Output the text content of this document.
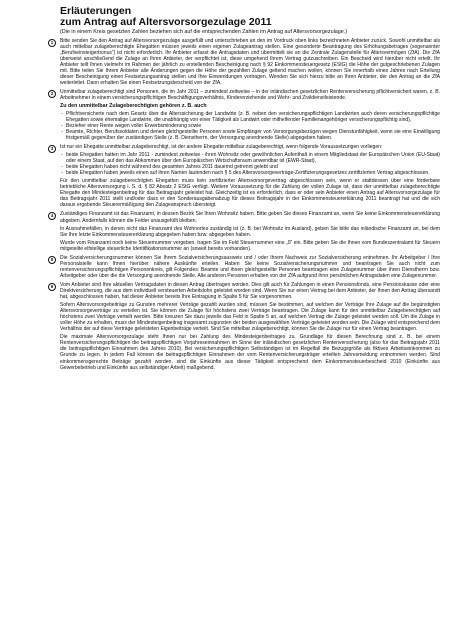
Erläuterungen
zum Antrag auf Altersvorsorgezulage 2011
(Die in einem Kreis gesetzten Zahlen beziehen sich auf die entsprechenden Zahlen im Antrag auf Altersvorsorgezulage.)
1	Bitte senden Sie den Antrag auf Altersvorsorgezulage ausgefüllt und unterschrieben an den im Vordruck oben links bezeichneten Anbieter zurück. Sowohl unmittelbar als auch mittelbar zulageberechtigte Ehegatten müssen jeweils einen eigenen Zulageantrag stellen. Eine gesonderte Beantragung des Erhöhungsbetrages (sogenannter „Berufseinsteigerbonus“) ist nicht erforderlich. Ihr Anbieter erfasst die Antragsdaten und übermittelt sie an die Zentrale Zulagenstelle für Altersvermögen (ZfA). Die ZfA überweist anschließend die Zulage an Ihren Anbieter, der verpflichtet ist, diese umgehend Ihrem Vertrag gutzuschreiben. Ein Bescheid wird hierüber nicht erteilt. Ihr Anbieter teilt Ihnen vielmehr im Rahmen der jährlich zu erstellenden Bescheinigung nach § 92 Einkommensteuergesetz (EStG) die Höhe der gutgeschriebenen Zulagen mit. Bitte teilen Sie Ihrem Anbieter alle Änderungen gegen die Höhe der gezahlten Zulage geltend machen wollen, können Sie innerhalb eines Jahres nach Erteilung dieser Bescheinigung einen Festsetzungsantrag stellen und Ihre Einwendungen vortragen. Wenden Sie sich hierzu bitte an Ihren Anbieter, der den Antrag an die ZfA weiterleitet. Dann erhalten Sie einen Festsetzungsbescheid von der ZfA.

2	Unmittelbar zulageberechtigt sind Personen, die im Jahr 2011 – zumindest zeitweise – in der inländischen gesetzlichen Rentenversicherung pflichtversichert waren, z. B. Arbeitnehmer in einem versicherungspflichtigen Beschäftigungsverhältnis, Kindererziehende und Wehr- und Zivildienstleistende.

Zu den unmittelbar Zulageberechtigten gehören z. B. auch
- Pflichtversicherte nach dem Gesetz über die Alterssicherung der Landwirte (z. B. neben den versicherungspflichtigen Landwirten auch deren versicherungspflichtige Ehegatten sowie ehemalige Landwirte, die unabhängig von einer Tätigkeit als Landwirt oder mithelfender Familienangehöriger versicherungspflichtig sind),
- Bezieher einer Rente wegen voller Erwerbsminderung sowie
- Beamte, Richter, Berufssoldaten und denen gleichgestellte Personen sowie Empfänger von Versorgungsbezügen wegen Dienstunfähigkeit, wenn sie eine Einwilligung fristgemäß gegenüber der zuständigen Stelle (z. B. Dienstherrn, der Versorgung anordnende Stelle) abgegeben haben.
3	Ist nur ein Ehegatte unmittelbar zulageberechtigt, ist der andere Ehegatte mittelbar zulageberechtigt, wenn folgende Voraussetzungen vorliegen:

- beide Ehegatten hatten im Jahr 2011 - zumindest zeitweise - ihren Wohnsitz oder gewöhnlichen Aufenthalt in einem Mitgliedstaat der Europäischen Union (EU-Staat) oder einem Staat, auf den das Abkommen über den Europäischen Wirtschaftsraum anwendbar ist (EWR-Staat),
- beide Ehegatten haben nicht während des gesamten Jahres 2011 dauernd getrennt gelebt und
- beide Ehegatten haben jeweils einen auf ihren Namen lautenden nach § 5 des Altersvorsorgeverträge-Zertifizierungsgesetzes zertifizierten Vertrag abgeschlossen.

Für den unmittelbar zulageberechtigten Ehegatten muss kein zertifizierter Altersvorsorgevertrag abgeschlossen sein, wenn er stattdessen über eine förderbare betriebliche Altersversorgung i. S. d. § 82 Absatz 2 EStG verfügt. Weitere Voraussetzung für die Zahlung der vollen Zulage ist, dass der unmittelbar zulageberechtigte Ehegatte den Mindesteigenbeitrag für das Beitragsjahr geleistet hat. Gleichzeitig ist es erforderlich, dass er oder sein Anbieter einen Antrag auf Altersvorsorgezulage für das Beitragsjahr 2011 stellt und/oder dass er den Sonderausgabenabzug für dieses Beitragsjahr in der Einkommensteuererklärung 2011 beantragt hat und die sich daraus ergebende Steuerermäßigung den Zulageanspruch übersteigt.

4	Zuständiges Finanzamt ist das Finanzamt, in dessen Bezirk Sie Ihren Wohnsitz haben. Bitte geben Sie dieses Finanzamt an, wenn Sie keine Einkommensteuererklärung abgeben. Andernfalls können die Felder unausgefüllt bleiben.

In Ausnahmefällen, in denen nicht das Finanzamt des Wohnortes zuständig ist (z. B. bei Wohnsitz im Ausland), geben Sie bitte das inländische Finanzamt an, bei dem Sie Ihre letzte Einkommensteuererklärung abgegeben haben bzw. abgegeben haben.

Wurde vom Finanzamt noch keine Steuernummer vergeben, tragen Sie im Feld Steuernummer eine „0“ ein. Bitte geben Sie die Ihnen vom Bundeszentralamt für Steuern mitgeteilte elfstellige steuerliche Identifikationsnummer an (soweit bereits vorhanden).

5	Die Sozialversicherungsnummer können Sie Ihrem Sozialversicherungsausweis und / oder Ihrem Nachweis zur Sozialversicherung entnehmen. Ihr Arbeitgeber / Ihre Personalstelle kann Ihnen hierüber nähere Auskünfte erteilen. Haben Sie keine Sozialversicherungsnummer und beantragen Sie auch nicht zum rentenversicherungspflichtigen Personenkreis, gilt Folgendes: Beamte und ihnen gleichgestellte Personen beantragen eine Zulagenummer über ihren Dienstherrn bzw. Arbeitgeber oder über die die Versorgung anordnende Stelle. Alle anderen Personen erhalten von der ZfA aufgrund ihrer persönlichen Antragsdaten eine Zulagenummer.

6	Vom Anbieter sind Ihre aktuellen Vertragsdaten in diesen Antrag übertragen worden. Dies gilt auch für Zahlungen in einen Pensionsfonds, eine Pensionskasse oder eine Direktversicherung, die aus dem individuell versteuerten Arbeitslohn geleistet worden sind. Wenn Sie nur einen Vertrag bei dem Anbieter, der Ihnen den Antrag übersandt hat, abgeschlossen haben, hat dieser Anbieter bereits Ihre Eintragung in Spalte 5 für Sie vorgenommen.

Sofern Altersvorsorgebeiträge zu Gunsten mehrerer Verträge gezahlt wurden sind, müssen Sie bestimmen, auf welchen der Verträge Ihre Zulage auf die begünstigten Altersvorsorgeverträge zu verteilen ist. Sie können die Zulage für höchstens zwei Verträge beantragen. Die Zulage kann für den unmittelbar Zulageberechtigten auf höchstens zwei Verträge verteilt werden. Bitte kreuzen Sie dazu jeweils das Feld in Spalte 5 an, auf welchen Vertrag die Zulage geleistet werden soll. Um die Zulage in voller Höhe zu erhalten, muss der Mindesteigenbeitrag insgesamt zugunsten der beiden ausgewählten Verträge geleistet worden sein. Die Zulage wird entsprechend dem Verhältnis der auf diese Verträge geleisteten Eigenbeiträge verteilt. Sind Sie mittelbar zulageberechtigt, können Sie die Zulage nur für einen Vertrag beantragen.

Die maximale Altersvorsorgezulage steht Ihnen nur bei Zahlung des Mindesteigenbeitrages zu. Grundlage für diesen Berechnung sind z. B. bei einem Rentenversicherungspflichtigen die beitragspflichtigen Vorjahreseinnahmen im Sinne der inländischen gesetzlichen Rentenversicherung (also für das Beitragsjahr 2011 die beitragspflichtigen Einnahmen des Jahres 2010). Bei versicherungspflichtigen Selbständigen ist im Regelfall die Bezugsgröße als fiktives Arbeitseinkommen zu Grunde zu legen. In jedem Fall können die beitragspflichtigen Einnahmen der vom Rentenversicherungsträger erteilten Jahresmeldung entnommen werden. Sind einkommensgerechte Beiträge gezahlt worden, sind die Einkünfte aus dieser Tätigkeit entsprechend dem Einkommensteuerbescheid 2010 (Einkünfte aus Gewerbebetrieb und Einkünfte aus selbständiger Arbeit) maßgebend.
